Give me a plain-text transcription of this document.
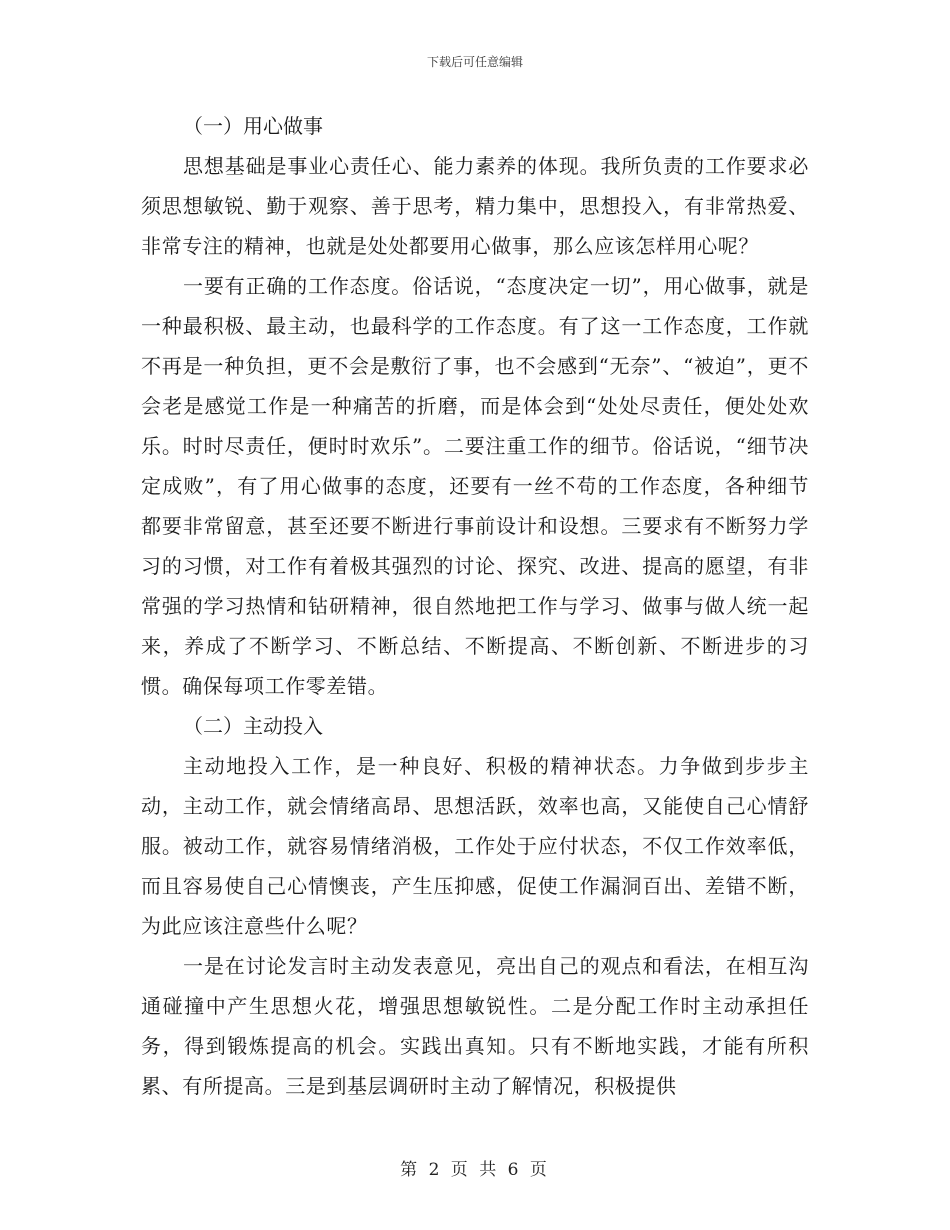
下载后可任意编辑
（一）用心做事

思想基础是事业心责任心、能力素养的体现。我所负责的工作要求必须思想敏锐、勤于观察、善于思考，精力集中，思想投入，有非常热爱、非常专注的精神，也就是处处都要用心做事，那么应该怎样用心呢？

一要有正确的工作态度。俗话说，“态度决定一切”，用心做事，就是一种最积极、最主动，也最科学的工作态度。有了这一工作态度，工作就不再是一种负担，更不会是敷衍了事，也不会感到“无奈”、“被迫”，更不会老是感觉工作是一种痛苦的折磨，而是体会到“处处尽责任，便处处欢乐。时时尽责任，便时时欢乐”。二要注重工作的细节。俗话说，“细节决定成败”，有了用心做事的态度，还要有一丝不苟的工作态度，各种细节都要非常留意，甚至还要不断进行事前设计和设想。三要求有不断努力学习的习惯，对工作有着极其强烈的讨论、探究、改进、提高的愿望，有非常强的学习热情和钻研精神，很自然地把工作与学习、做事与做人统一起来，养成了不断学习、不断总结、不断提高、不断创新、不断进步的习惯。确保每项工作零差错。

（二）主动投入

主动地投入工作，是一种良好、积极的精神状态。力争做到步步主动，主动工作，就会情绪高昂、思想活跃，效率也高，又能使自己心情舒服。被动工作，就容易情绪消极，工作处于应付状态，不仅工作效率低，而且容易使自己心情懊丧，产生压抑感，促使工作漏洞百出、差错不断，为此应该注意些什么呢？

一是在讨论发言时主动发表意见，亮出自己的观点和看法，在相互沟通碰撞中产生思想火花，增强思想敏锐性。二是分配工作时主动承担任务，得到锻炼提高的机会。实践出真知。只有不断地实践，才能有所积累、有所提高。三是到基层调研时主动了解情况，积极提供

第 2 页 共 6 页
